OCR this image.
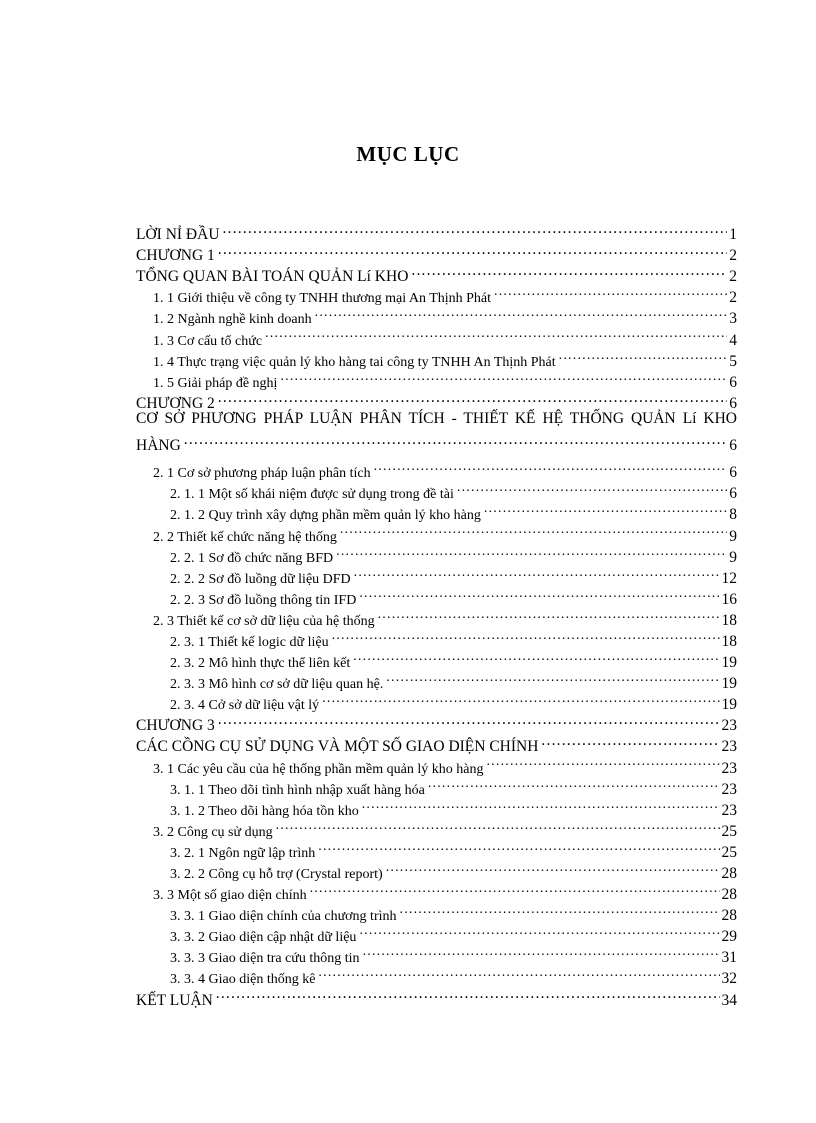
MỤC LỤC
LỜI NỈ ĐẦU .....	1
CHƯƠNG 1 .....	2
TỔNG QUAN BÀI TOÁN QUẢN Lí KHO .....	2
1. 1 Giới thiệu về công ty TNHH thương mại An Thịnh Phát .....	2
1. 2 Ngành nghề kinh doanh .....	3
1. 3 Cơ cấu tổ chức .....	4
1. 4 Thực trạng việc quản lý kho hàng tai công ty TNHH An Thịnh Phát .....	5
1. 5 Giải pháp đề nghị .....	6
CHƯƠNG 2 .....	6
CƠ SỞ PHƯƠNG PHÁP LUẬN PHÂN TÍCH - THIẾT KẾ HỆ THỐNG QUẢN Lí KHO
HÀNG .....	6
2. 1 Cơ sở phương pháp luận phân tích .....	6
2. 1. 1 Một số khái niệm được sử dụng trong đề tài .....	6
2. 1. 2 Quy trình xây dựng phần mềm quản lý kho hàng .....	8
2. 2 Thiết kế chức năng hệ thống .....	9
2. 2. 1 Sơ đồ chức năng BFD .....	9
2. 2. 2 Sơ đồ luồng dữ liệu DFD .....	12
2. 2. 3 Sơ đồ luồng thông tin IFD .....	16
2. 3 Thiết kế cơ sở dữ liệu của hệ thống .....	18
2. 3. 1 Thiết kế logic dữ liệu .....	18
2. 3. 2 Mô hình thực thể liên kết .....	19
2. 3. 3 Mô hình cơ sở dữ liệu quan hệ. .....	19
2. 3. 4 Cở sở dữ liệu vật lý .....	19
CHƯƠNG 3 .....	23
CÁC CỒNG CỤ SỬ DỤNG VÀ MỘT SỐ GIAO DIỆN CHÍNH .....	23
3. 1 Các yêu cầu của hệ thống phần mềm quản lý kho hàng .....	23
3. 1. 1 Theo dõi tình hình nhập xuất hàng hóa .....	23
3. 1. 2 Theo dõi hàng hóa tồn kho .....	23
3. 2 Công cụ sử dụng .....	25
3. 2. 1 Ngôn ngữ lập trình .....	25
3. 2. 2 Công cụ hỗ trợ (Crystal report) .....	28
3. 3 Một số giao diện chính .....	28
3. 3. 1 Giao diện chính của chương trình .....	28
3. 3. 2 Giao diện cập nhật dữ liệu .....	29
3. 3. 3 Giao diện tra cứu thông tin .....	31
3. 3. 4 Giao diện thống kê .....	32
KẾT LUẬN .....	34
